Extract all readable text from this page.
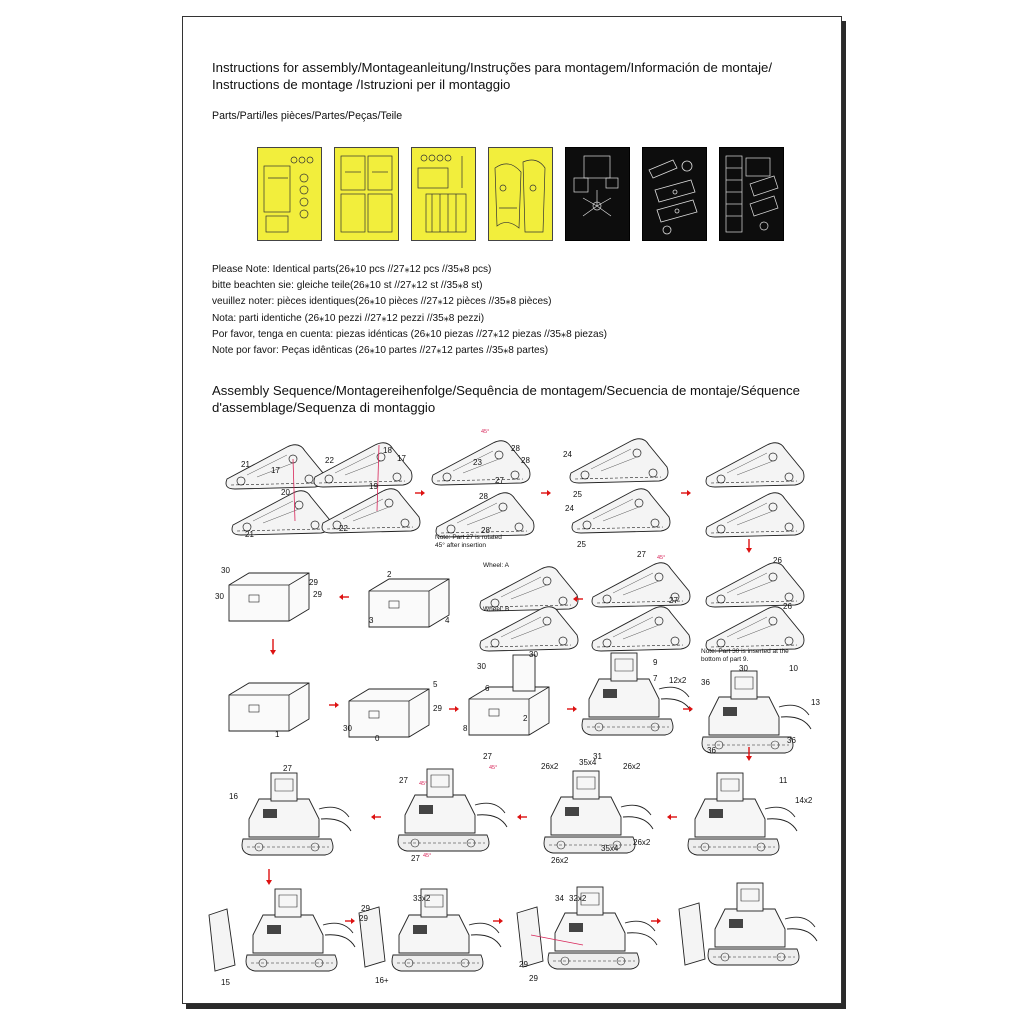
Instructions for assembly/Montageanleitung/Instruções para montagem/Información de montaje/
Instructions de montage /Istruzioni per il montaggio
Parts/Parti/les pièces/Partes/Peças/Teile
Please Note: Identical parts(26⁎10 pcs //27⁎12 pcs //35⁎8 pcs)
bitte beachten sie: gleiche teile(26⁎10 st //27⁎12 st //35⁎8 st)
veuillez noter: pièces identiques(26⁎10 pièces //27⁎12 pièces //35⁎8 pièces)
Nota: parti identiche (26⁎10 pezzi //27⁎12 pezzi //35⁎8 pezzi)
Por favor, tenga en cuenta: piezas idénticas (26⁎10 piezas //27⁎12 piezas //35⁎8 piezas)
Note por favor: Peças idênticas (26⁎10 partes //27⁎12 partes //35⁎8 partes)
Assembly Sequence/Montagereihenfolge/Sequência de montagem/Secuencia de montaje/Séquence
d'assemblage/Sequenza di montaggio
21
21
22
22
17
17
18
19
20
23
28
28
27
28
28'
45°
Note: Part 27 is rotated
45° after insertion
24
25
24
25
Wheel: A
Wheel: B
27
27
26
26
45°
2
3	4
30
30
29
29
1
5
29
30
0
30
30
6
2
8
9
12x2
7
Note: Part 30 is inserted at the
bottom of part 9.
30	10
36
13
36
36
11
14x2
35x4
31
26x2
26x2
26x2
35x4
26x2
27
27
27
45°
45°
45°
27
16
15
29
29
33x2
16+
34 32x2
29
29
